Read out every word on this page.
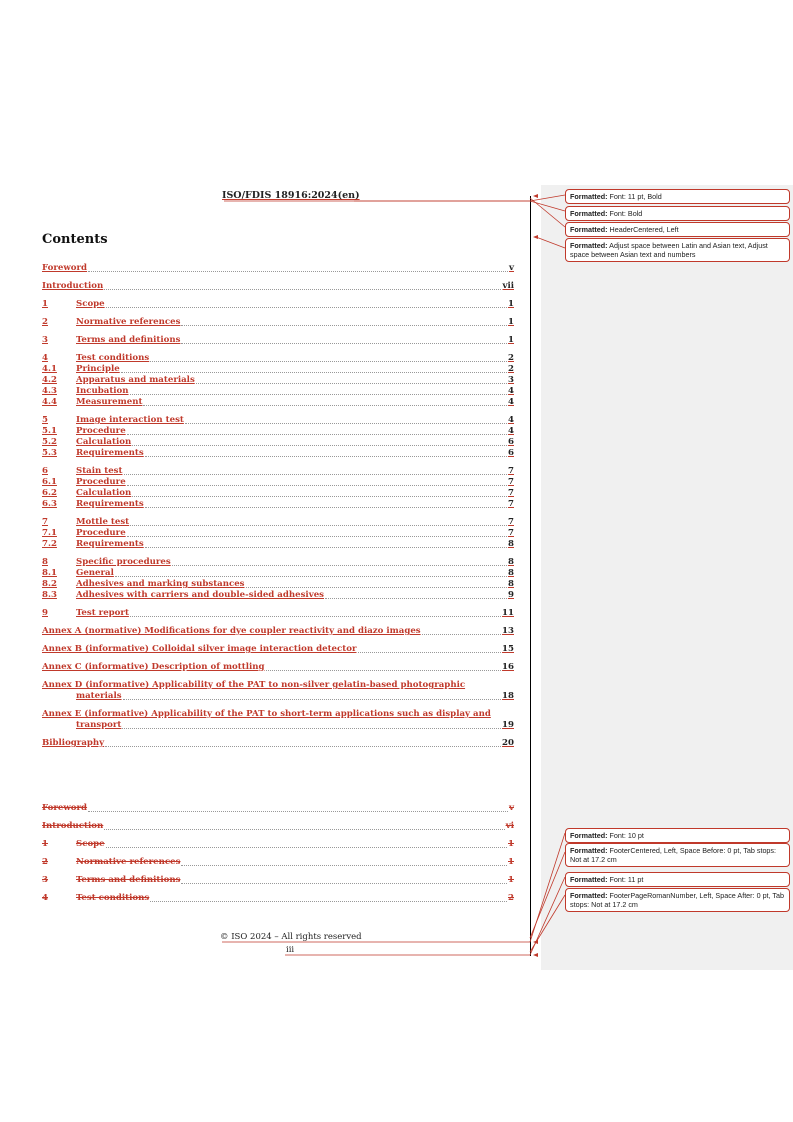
ISO/FDIS 18916:2024(en)
Contents
Foreword	v
Introduction	vii
1	Scope	1
2	Normative references	1
3	Terms and definitions	1
4	Test conditions	2
4.1	Principle	2
4.2	Apparatus and materials	3
4.3	Incubation	4
4.4	Measurement	4
5	Image interaction test	4
5.1	Procedure	4
5.2	Calculation	6
5.3	Requirements	6
6	Stain test	7
6.1	Procedure	7
6.2	Calculation	7
6.3	Requirements	7
7	Mottle test	7
7.1	Procedure	7
7.2	Requirements	8
8	Specific procedures	8
8.1	General	8
8.2	Adhesives and marking substances	8
8.3	Adhesives with carriers and double-sided adhesives	9
9	Test report	11
Annex A (normative) Modifications for dye coupler reactivity and diazo images	13
Annex B (informative) Colloidal silver image interaction detector	15
Annex C (informative) Description of mottling	16
Annex D (informative) Applicability of the PAT to non-silver gelatin-based photographic
materials	18
Annex E (informative) Applicability of the PAT to short-term applications such as display and
transport	19
Bibliography	20
Foreword	v
Introduction	vi
1	Scope	1
2	Normative references	1
3	Terms and definitions	1
4	Test conditions	2
© ISO 2024 – All rights reserved
iii
Formatted: Font: 11 pt, Bold
Formatted: Font: Bold
Formatted: HeaderCentered, Left
Formatted: Adjust space between Latin and Asian text, Adjust space between Asian text and numbers
Formatted: Font: 10 pt
Formatted: FooterCentered, Left, Space Before: 0 pt, Tab stops: Not at 17.2 cm
Formatted: Font: 11 pt
Formatted: FooterPageRomanNumber, Left, Space After: 0 pt, Tab stops: Not at 17.2 cm
